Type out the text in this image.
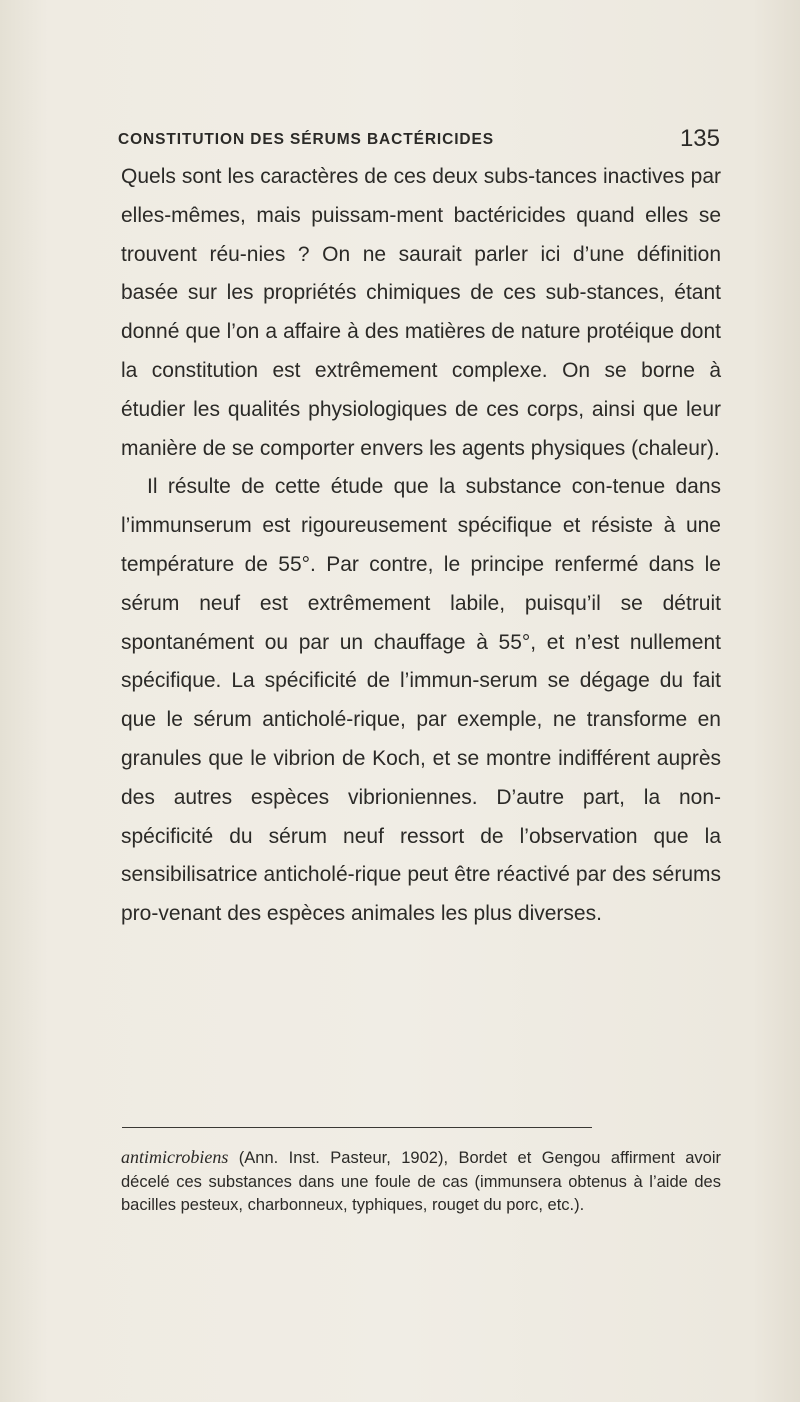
CONSTITUTION DES SÉRUMS BACTÉRICIDES	135

Quels sont les caractères de ces deux subs-tances inactives par elles-mêmes, mais puissam-ment bactéricides quand elles se trouvent réu-nies ? On ne saurait parler ici d’une définition basée sur les propriétés chimiques de ces sub-stances, étant donné que l’on a affaire à des matières de nature protéique dont la constitution est extrêmement complexe. On se borne à étudier les qualités physiologiques de ces corps, ainsi que leur manière de se comporter envers les agents physiques (chaleur).

Il résulte de cette étude que la substance con-tenue dans l’immunserum est rigoureusement spécifique et résiste à une température de 55°. Par contre, le principe renfermé dans le sérum neuf est extrêmement labile, puisqu’il se détruit spontanément ou par un chauffage à 55°, et n’est nullement spécifique. La spécificité de l’immun-serum se dégage du fait que le sérum anticholé-rique, par exemple, ne transforme en granules que le vibrion de Koch, et se montre indifférent auprès des autres espèces vibrioniennes. D’autre part, la non-spécificité du sérum neuf ressort de l’observation que la sensibilisatrice anticholé-rique peut être réactivé par des sérums pro-venant des espèces animales les plus diverses.

antimicrobiens (Ann. Inst. Pasteur, 1902), Bordet et Gengou affirment avoir décelé ces substances dans une foule de cas (immunsera obtenus à l’aide des bacilles pesteux, charbonneux, typhiques, rouget du porc, etc.).
